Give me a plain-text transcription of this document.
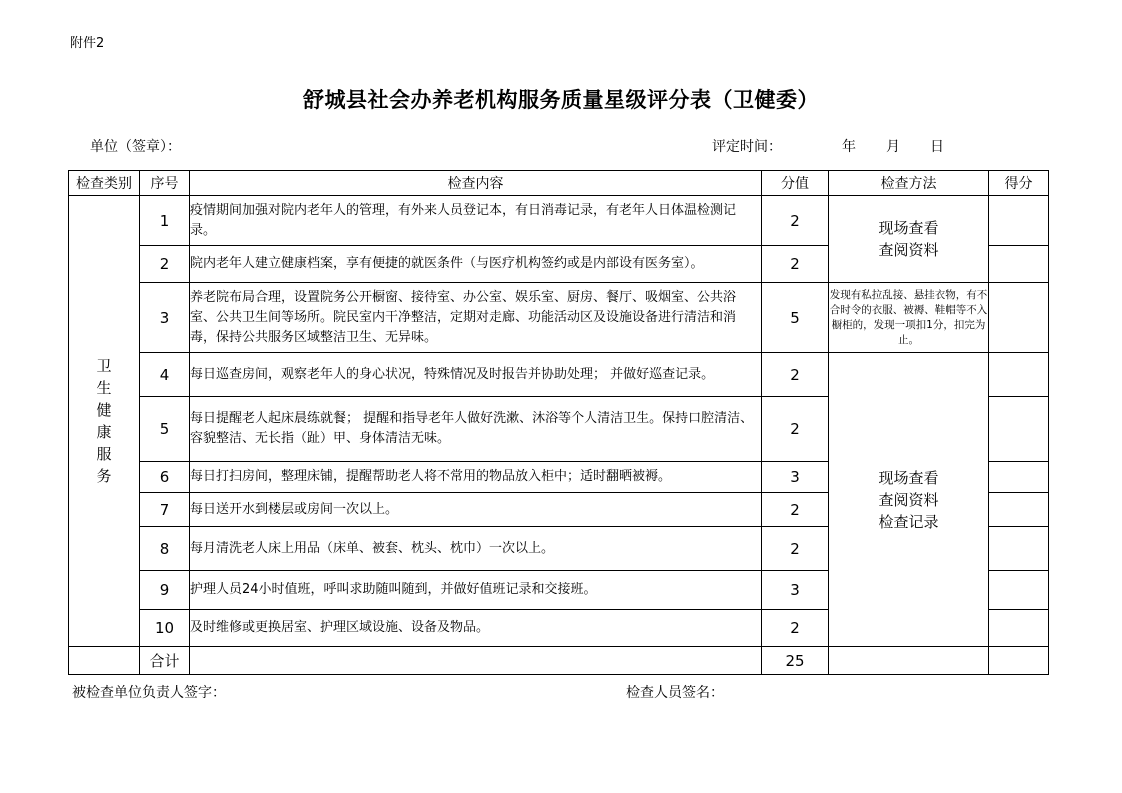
附件2
舒城县社会办养老机构服务质量星级评分表（卫健委）
单位（签章）：	评定时间：	年 月 日
检查类别	序号	检查内容	分值	检查方法	得分
卫生健康服务	1	疫情期间加强对院内老年人的管理，有外来人员登记本，有日消毒记录，有老年人日体温检测记录。	2	现场查看
查阅资料	
	2	院内老年人建立健康档案，享有便捷的就医条件（与医疗机构签约或是内部设有医务室）。	2		
	3	养老院布局合理，设置院务公开橱窗、接待室、办公室、娱乐室、厨房、餐厅、吸烟室、公共浴室、公共卫生间等场所。院民室内干净整洁，定期对走廊、功能活动区及设施设备进行清洁和消毒，保持公共服务区域整洁卫生、无异味。	5	发现有私拉乱接、悬挂衣物，有不合时令的衣服、被褥、鞋帽等不入橱柜的，发现一项扣1分，扣完为止。	
	4	每日巡查房间，观察老年人的身心状况，特殊情况及时报告并协助处理； 并做好巡查记录。	2	现场查看
查阅资料
检查记录	
	5	每日提醒老人起床晨练就餐； 提醒和指导老年人做好洗漱、沐浴等个人清洁卫生。保持口腔清洁、容貌整洁、无长指（趾）甲、身体清洁无味。	2		
	6	每日打扫房间，整理床铺，提醒帮助老人将不常用的物品放入柜中；适时翻晒被褥。	3		
	7	每日送开水到楼层或房间一次以上。	2		
	8	每月清洗老人床上用品（床单、被套、枕头、枕巾）一次以上。	2		
	9	护理人员24小时值班，呼叫求助随叫随到，并做好值班记录和交接班。	3		
	10	及时维修或更换居室、护理区域设施、设备及物品。	2		
	合计		25		
被检查单位负责人签字：	检查人员签名：
